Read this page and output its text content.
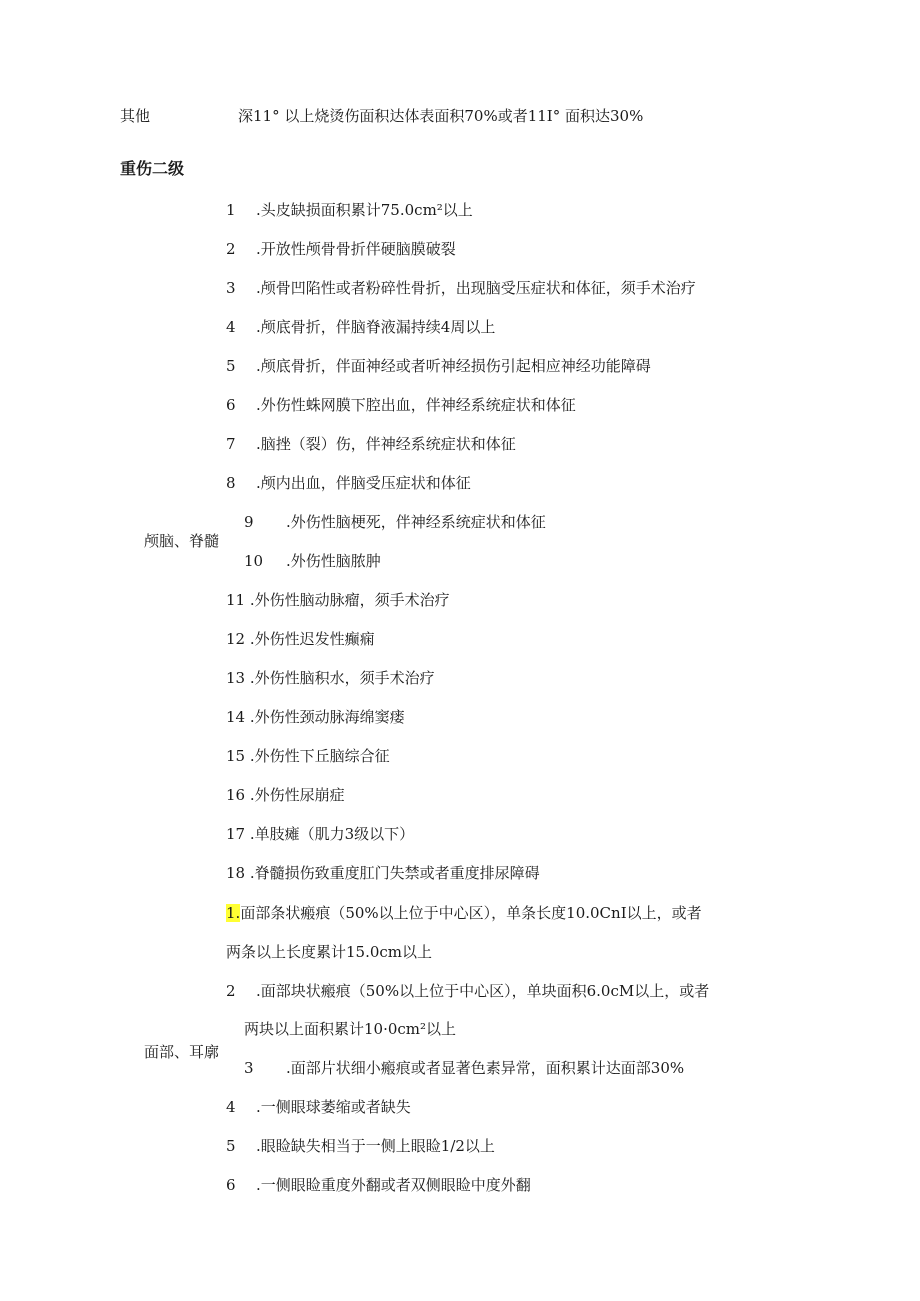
其他	深11° 以上烧烫伤面积达体表面积70%或者11I° 面积达30%
重伤二级
颅脑、脊髓
1 .头皮缺损面积累计75.0cm²以上
2 .开放性颅骨骨折伴硬脑膜破裂
3 .颅骨凹陷性或者粉碎性骨折，出现脑受压症状和体征，须手术治疗
4 .颅底骨折，伴脑脊液漏持续4周以上
5 .颅底骨折，伴面神经或者听神经损伤引起相应神经功能障碍
6 .外伤性蛛网膜下腔出血，伴神经系统症状和体征
7 .脑挫（裂）伤，伴神经系统症状和体征
8 .颅内出血，伴脑受压症状和体征
9 .外伤性脑梗死，伴神经系统症状和体征
10 .外伤性脑脓肿
11 .外伤性脑动脉瘤，须手术治疗
12 .外伤性迟发性癫痫
13 .外伤性脑积水，须手术治疗
14 .外伤性颈动脉海绵窦瘘
15 .外伤性下丘脑综合征
16 .外伤性尿崩症
17 .单肢瘫（肌力3级以下）
18 .脊髓损伤致重度肛门失禁或者重度排尿障碍
1.面部条状瘢痕（50%以上位于中心区），单条长度10.0CnI以上，或者
两条以上长度累计15.0cm以上
2 .面部块状瘢痕（50%以上位于中心区），单块面积6.0cM以上，或者
两块以上面积累计10·0cm²以上
面部、耳廓
3 .面部片状细小瘢痕或者显著色素异常，面积累计达面部30%
4 .一侧眼球萎缩或者缺失
5 .眼睑缺失相当于一侧上眼睑1/2以上
6 .一侧眼睑重度外翻或者双侧眼睑中度外翻
